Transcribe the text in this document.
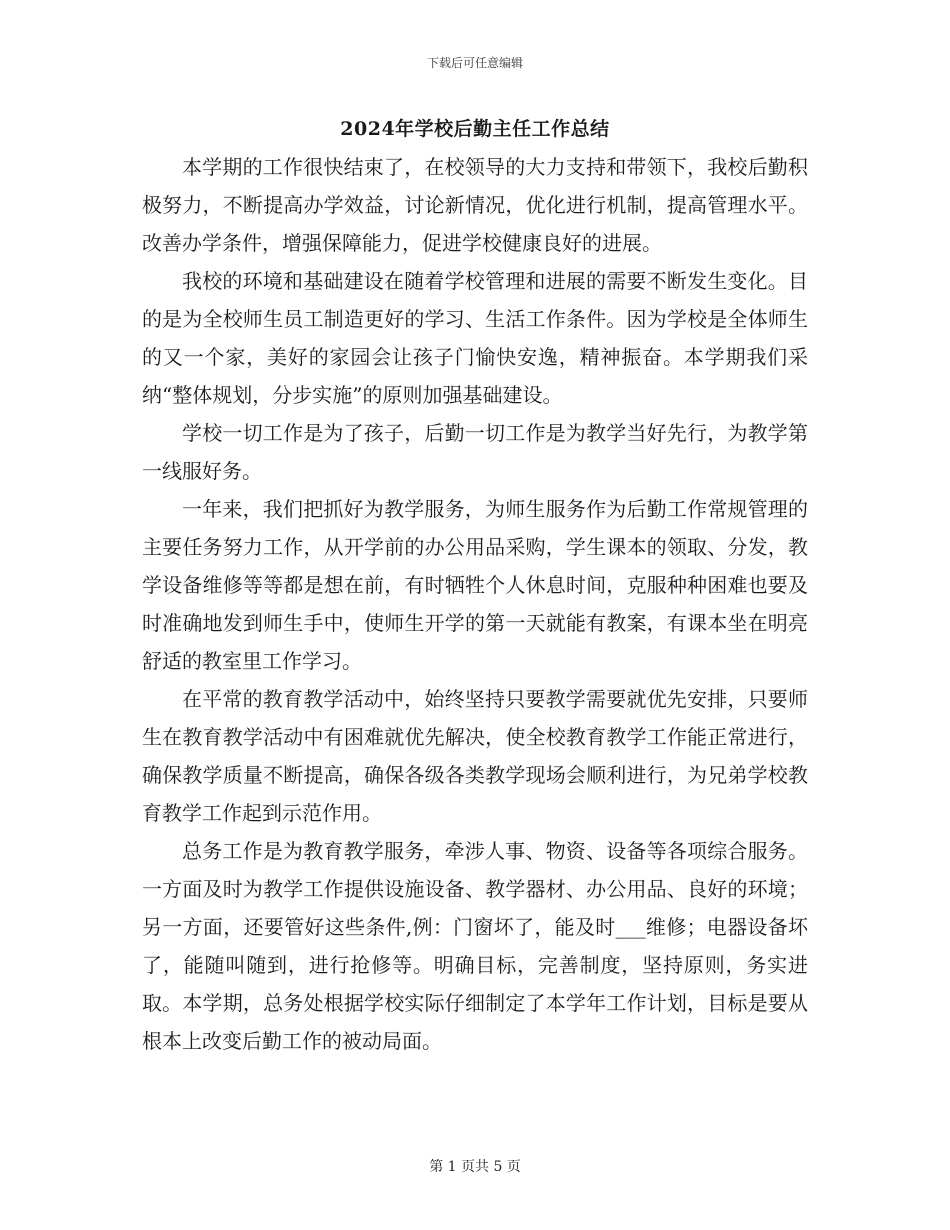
下载后可任意编辑
2024年学校后勤主任工作总结

本学期的工作很快结束了，在校领导的大力支持和带领下，我校后勤积极努力，不断提高办学效益，讨论新情况，优化进行机制，提高管理水平。改善办学条件，增强保障能力，促进学校健康良好的进展。

我校的环境和基础建设在随着学校管理和进展的需要不断发生变化。目的是为全校师生员工制造更好的学习、生活工作条件。因为学校是全体师生的又一个家，美好的家园会让孩子门愉快安逸，精神振奋。本学期我们采纳“整体规划，分步实施”的原则加强基础建设。

学校一切工作是为了孩子，后勤一切工作是为教学当好先行，为教学第一线服好务。

一年来，我们把抓好为教学服务，为师生服务作为后勤工作常规管理的主要任务努力工作，从开学前的办公用品采购，学生课本的领取、分发，教学设备维修等等都是想在前，有时牺牲个人休息时间，克服种种困难也要及时准确地发到师生手中，使师生开学的第一天就能有教案，有课本坐在明亮舒适的教室里工作学习。

在平常的教育教学活动中，始终坚持只要教学需要就优先安排，只要师生在教育教学活动中有困难就优先解决，使全校教育教学工作能正常进行，确保教学质量不断提高，确保各级各类教学现场会顺利进行，为兄弟学校教育教学工作起到示范作用。

总务工作是为教育教学服务，牵涉人事、物资、设备等各项综合服务。一方面及时为教学工作提供设施设备、教学器材、办公用品、良好的环境；另一方面，还要管好这些条件,例：门窗坏了，能及时___维修；电器设备坏了，能随叫随到，进行抢修等。明确目标，完善制度，坚持原则，务实进取。本学期，总务处根据学校实际仔细制定了本学年工作计划，目标是要从根本上改变后勤工作的被动局面。

第 1 页共 5 页
